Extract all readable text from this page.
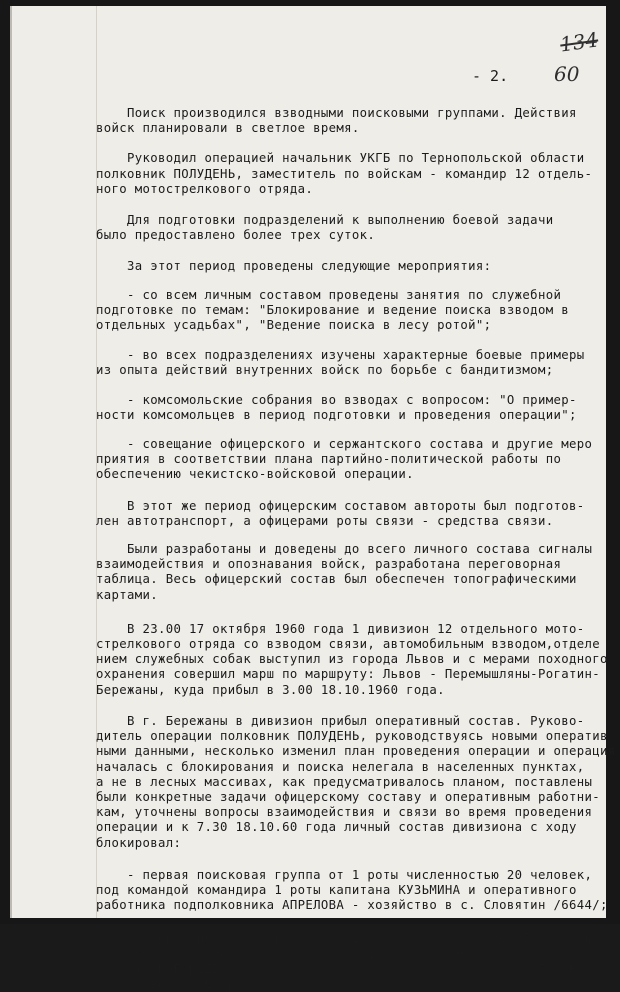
134
60
- 2.
Поиск производился взводными поисковыми группами. Действия
войск планировали в светлое время.
Руководил операцией начальник УКГБ по Тернопольской области
полковник ПОЛУДЕНЬ, заместитель по войскам - командир 12 отдель-
ного мотострелкового отряда.
Для подготовки подразделений к выполнению боевой задачи
было предоставлено более трех суток.
За этот период проведены следующие мероприятия:
- со всем личным составом проведены занятия по служебной
подготовке по темам: "Блокирование и ведение поиска взводом в
отдельных усадьбах", "Ведение поиска в лесу ротой";
- во всех подразделениях изучены характерные боевые примеры
из опыта действий внутренних войск по борьбе с бандитизмом;
- комсомольские собрания во взводах с вопросом: "О пример-
ности комсомольцев в период подготовки и проведения операции";
- совещание офицерского и сержантского состава и другие меро
приятия в соответствии плана партийно-политической работы по
обеспечению чекистско-войсковой операции.
В этот же период офицерским составом автороты был подготов-
лен автотранспорт, а офицерами роты связи - средства связи.
Были разработаны и доведены до всего личного состава сигналы
взаимодействия и опознавания войск, разработана переговорная
таблица. Весь офицерский состав был обеспечен топографическими
картами.
В 23.00 17 октября 1960 года 1 дивизион 12 отдельного мото-
стрелкового отряда со взводом связи, автомобильным взводом,отделе
нием служебных собак выступил из города Львов и с мерами походного
охранения совершил марш по маршруту: Львов - Перемышляны-Рогатин-
Бережаны, куда прибыл в 3.00 18.10.1960 года.
В г. Бережаны в дивизион прибыл оперативный состав. Руково-
дитель операции полковник ПОЛУДЕНЬ, руководствуясь новыми оператив
ными данными, несколько изменил план проведения операции и операция
началась с блокирования и поиска нелегала в населенных пунктах,
а не в лесных массивах, как предусматривалось планом, поставлены
были конкретные задачи офицерскому составу и оперативным работни-
кам, уточнены вопросы взаимодействия и связи во время проведения
операции и к 7.30 18.10.60 года личный состав дивизиона с ходу
блокировал:
- первая поисковая группа от 1 роты численностью 20 человек,
под командой командира 1 роты капитана КУЗЬМИНА и оперативного
работника подполковника АПРЕЛОВА - хозяйство в с. Словятин /6644/;
- вторая поисковая группа от 1 роты, в количестве 15 человек
под командой заместителя командира 1 роты по политчасти ст.лей-
тенанта НАГАЙЦЕВА и оперативного работника подполковника ГУСАК
хозяйство в с.Дуброва;
